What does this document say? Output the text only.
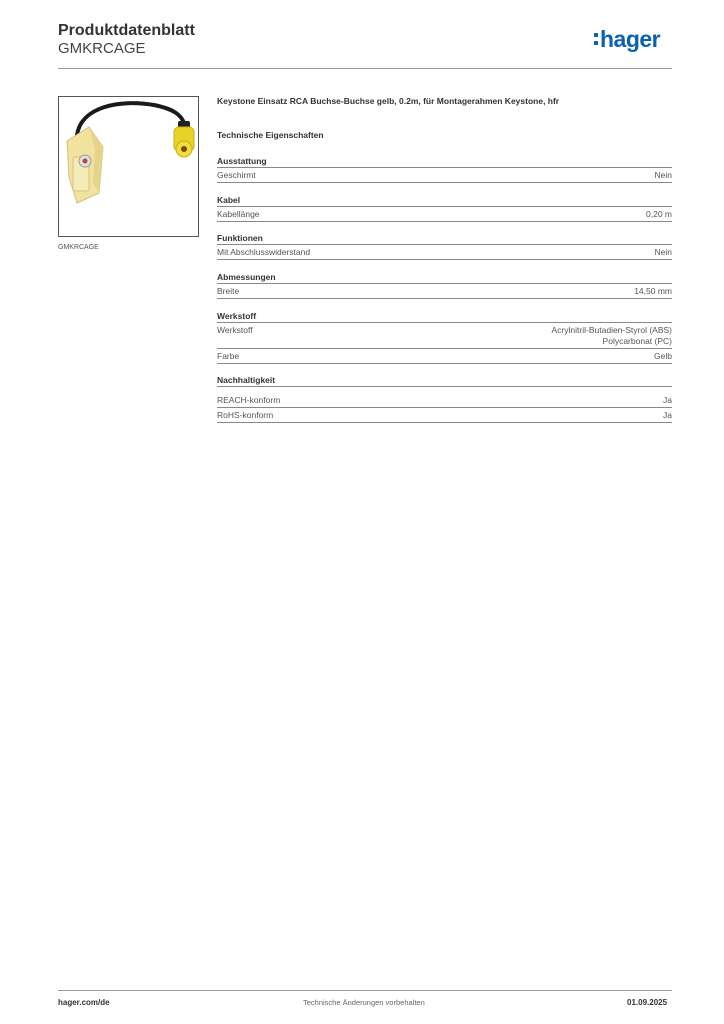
Produktdatenblatt
GMKRCAGE	hager
GMKRCAGE
Keystone Einsatz RCA Buchse-Buchse gelb, 0.2m, für Montagerahmen Keystone, hfr
Technische Eigenschaften
Ausstattung
Geschirmt	Nein
Kabel
Kabellänge	0,20 m
Funktionen
Mit Abschlusswiderstand	Nein
Abmessungen
Breite	14,50 mm
Werkstoff
Werkstoff	Acrylnitril-Butadien-Styrol (ABS)
Polycarbonat (PC)
Farbe	Gelb
Nachhaltigkeit
REACH-konform	Ja
RoHS-konform	Ja
hager.com/de	Technische Änderungen vorbehalten	01.09.2025
